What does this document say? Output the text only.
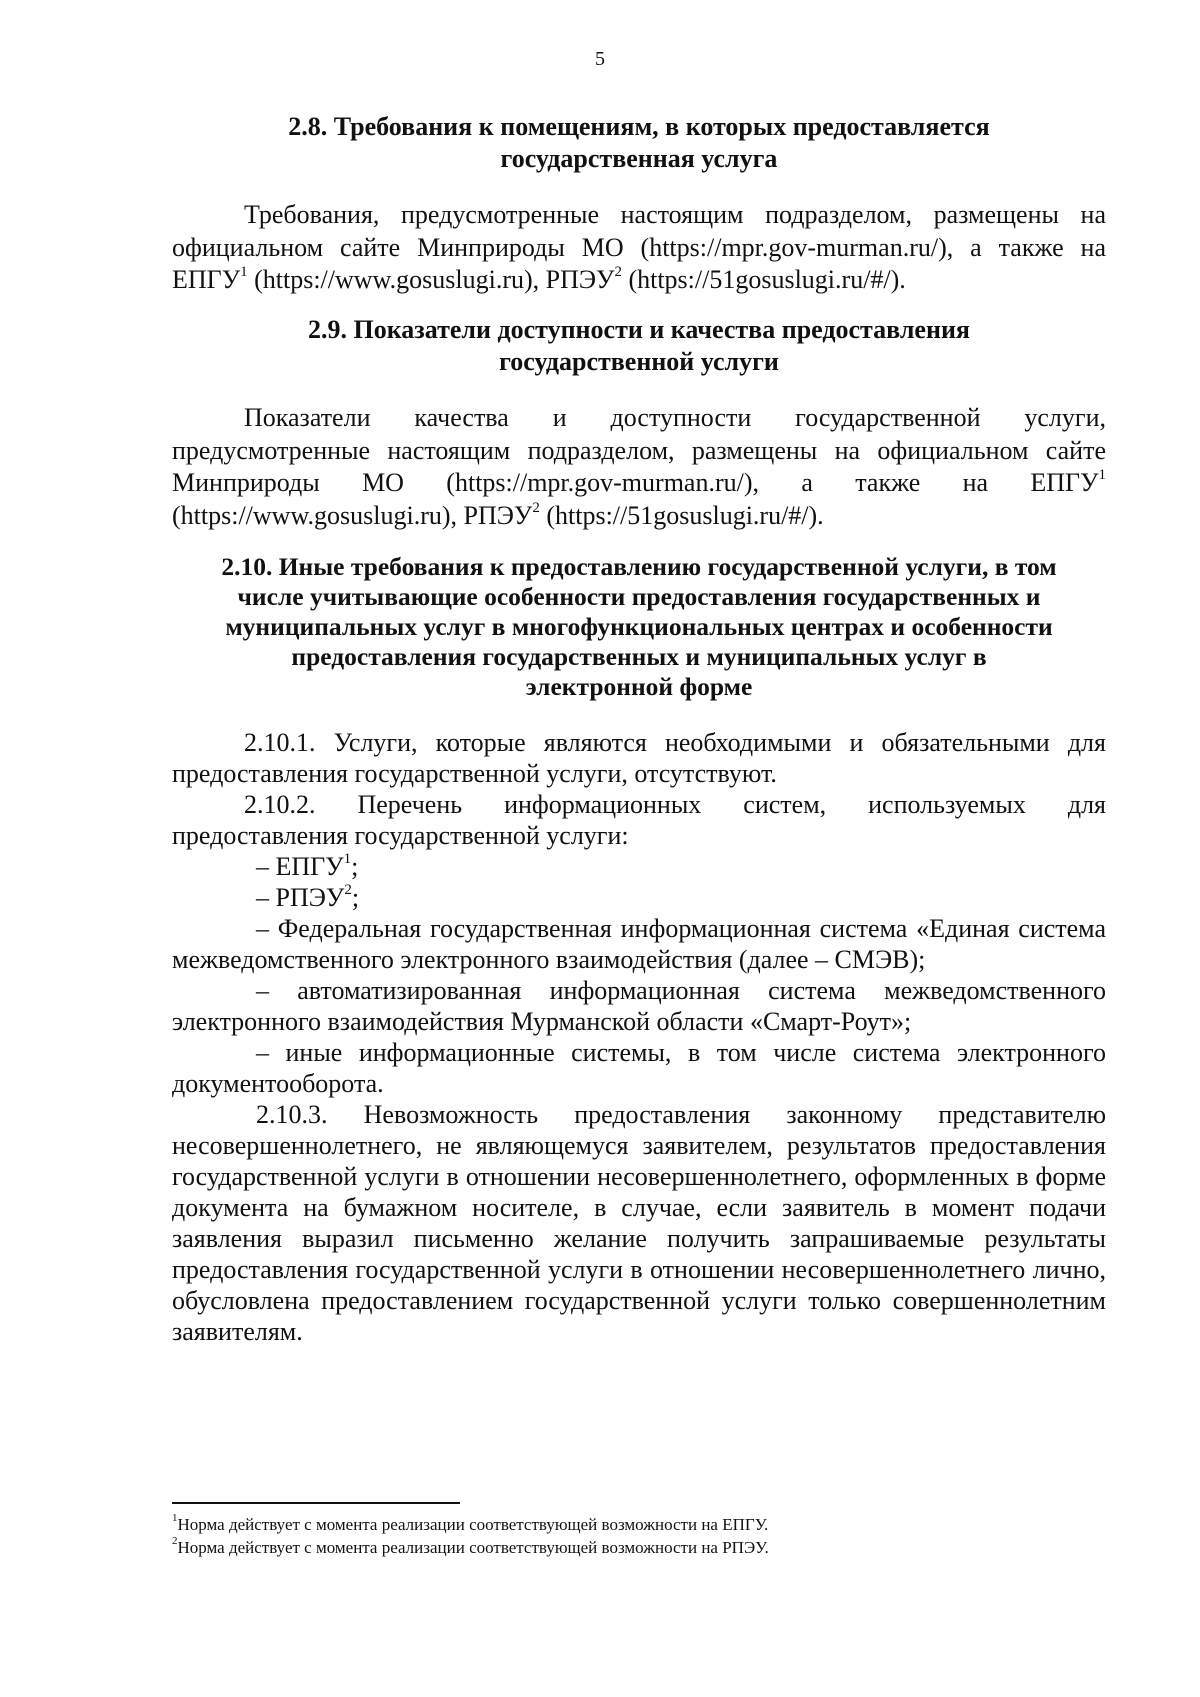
5
2.8. Требования к помещениям, в которых предоставляется
государственная услуга
Требования, предусмотренные настоящим подразделом, размещены на официальном сайте Минприроды МО (https://mpr.gov-murman.ru/), а также на ЕПГУ$^1$ (https://www.gosuslugi.ru), РПЭУ$^2$ (https://51gosuslugi.ru/#/).
2.9. Показатели доступности и качества предоставления
государственной услуги
Показатели качества и доступности государственной услуги, предусмотренные настоящим подразделом, размещены на официальном сайте Минприроды МО (https://mpr.gov-murman.ru/), а также на ЕПГУ$^1$ (https://www.gosuslugi.ru), РПЭУ$^2$ (https://51gosuslugi.ru/#/).
2.10. Иные требования к предоставлению государственной услуги, в том
числе учитывающие особенности предоставления государственных и
муниципальных услуг в многофункциональных центрах и особенности
предоставления государственных и муниципальных услуг в
электронной форме

2.10.1. Услуги, которые являются необходимыми и обязательными для предоставления государственной услуги, отсутствуют.

2.10.2. Перечень информационных систем, используемых для предоставления государственной услуги:

– ЕПГУ$^1$;

– РПЭУ$^2$;

– Федеральная государственная информационная система «Единая система межведомственного электронного взаимодействия (далее – СМЭВ);

– автоматизированная информационная система межведомственного электронного взаимодействия Мурманской области «Смарт-Роут»;

– иные информационные системы, в том числе система электронного документооборота.

2.10.3. Невозможность предоставления законному представителю несовершеннолетнего, не являющемуся заявителем, результатов предоставления государственной услуги в отношении несовершеннолетнего, оформленных в форме документа на бумажном носителе, в случае, если заявитель в момент подачи заявления выразил письменно желание получить запрашиваемые результаты предоставления государственной услуги в отношении несовершеннолетнего лично, обусловлена предоставлением государственной услуги только совершеннолетним заявителям.

$^1$Норма действует с момента реализации соответствующей возможности на ЕПГУ.
$^2$Норма действует с момента реализации соответствующей возможности на РПЭУ.
